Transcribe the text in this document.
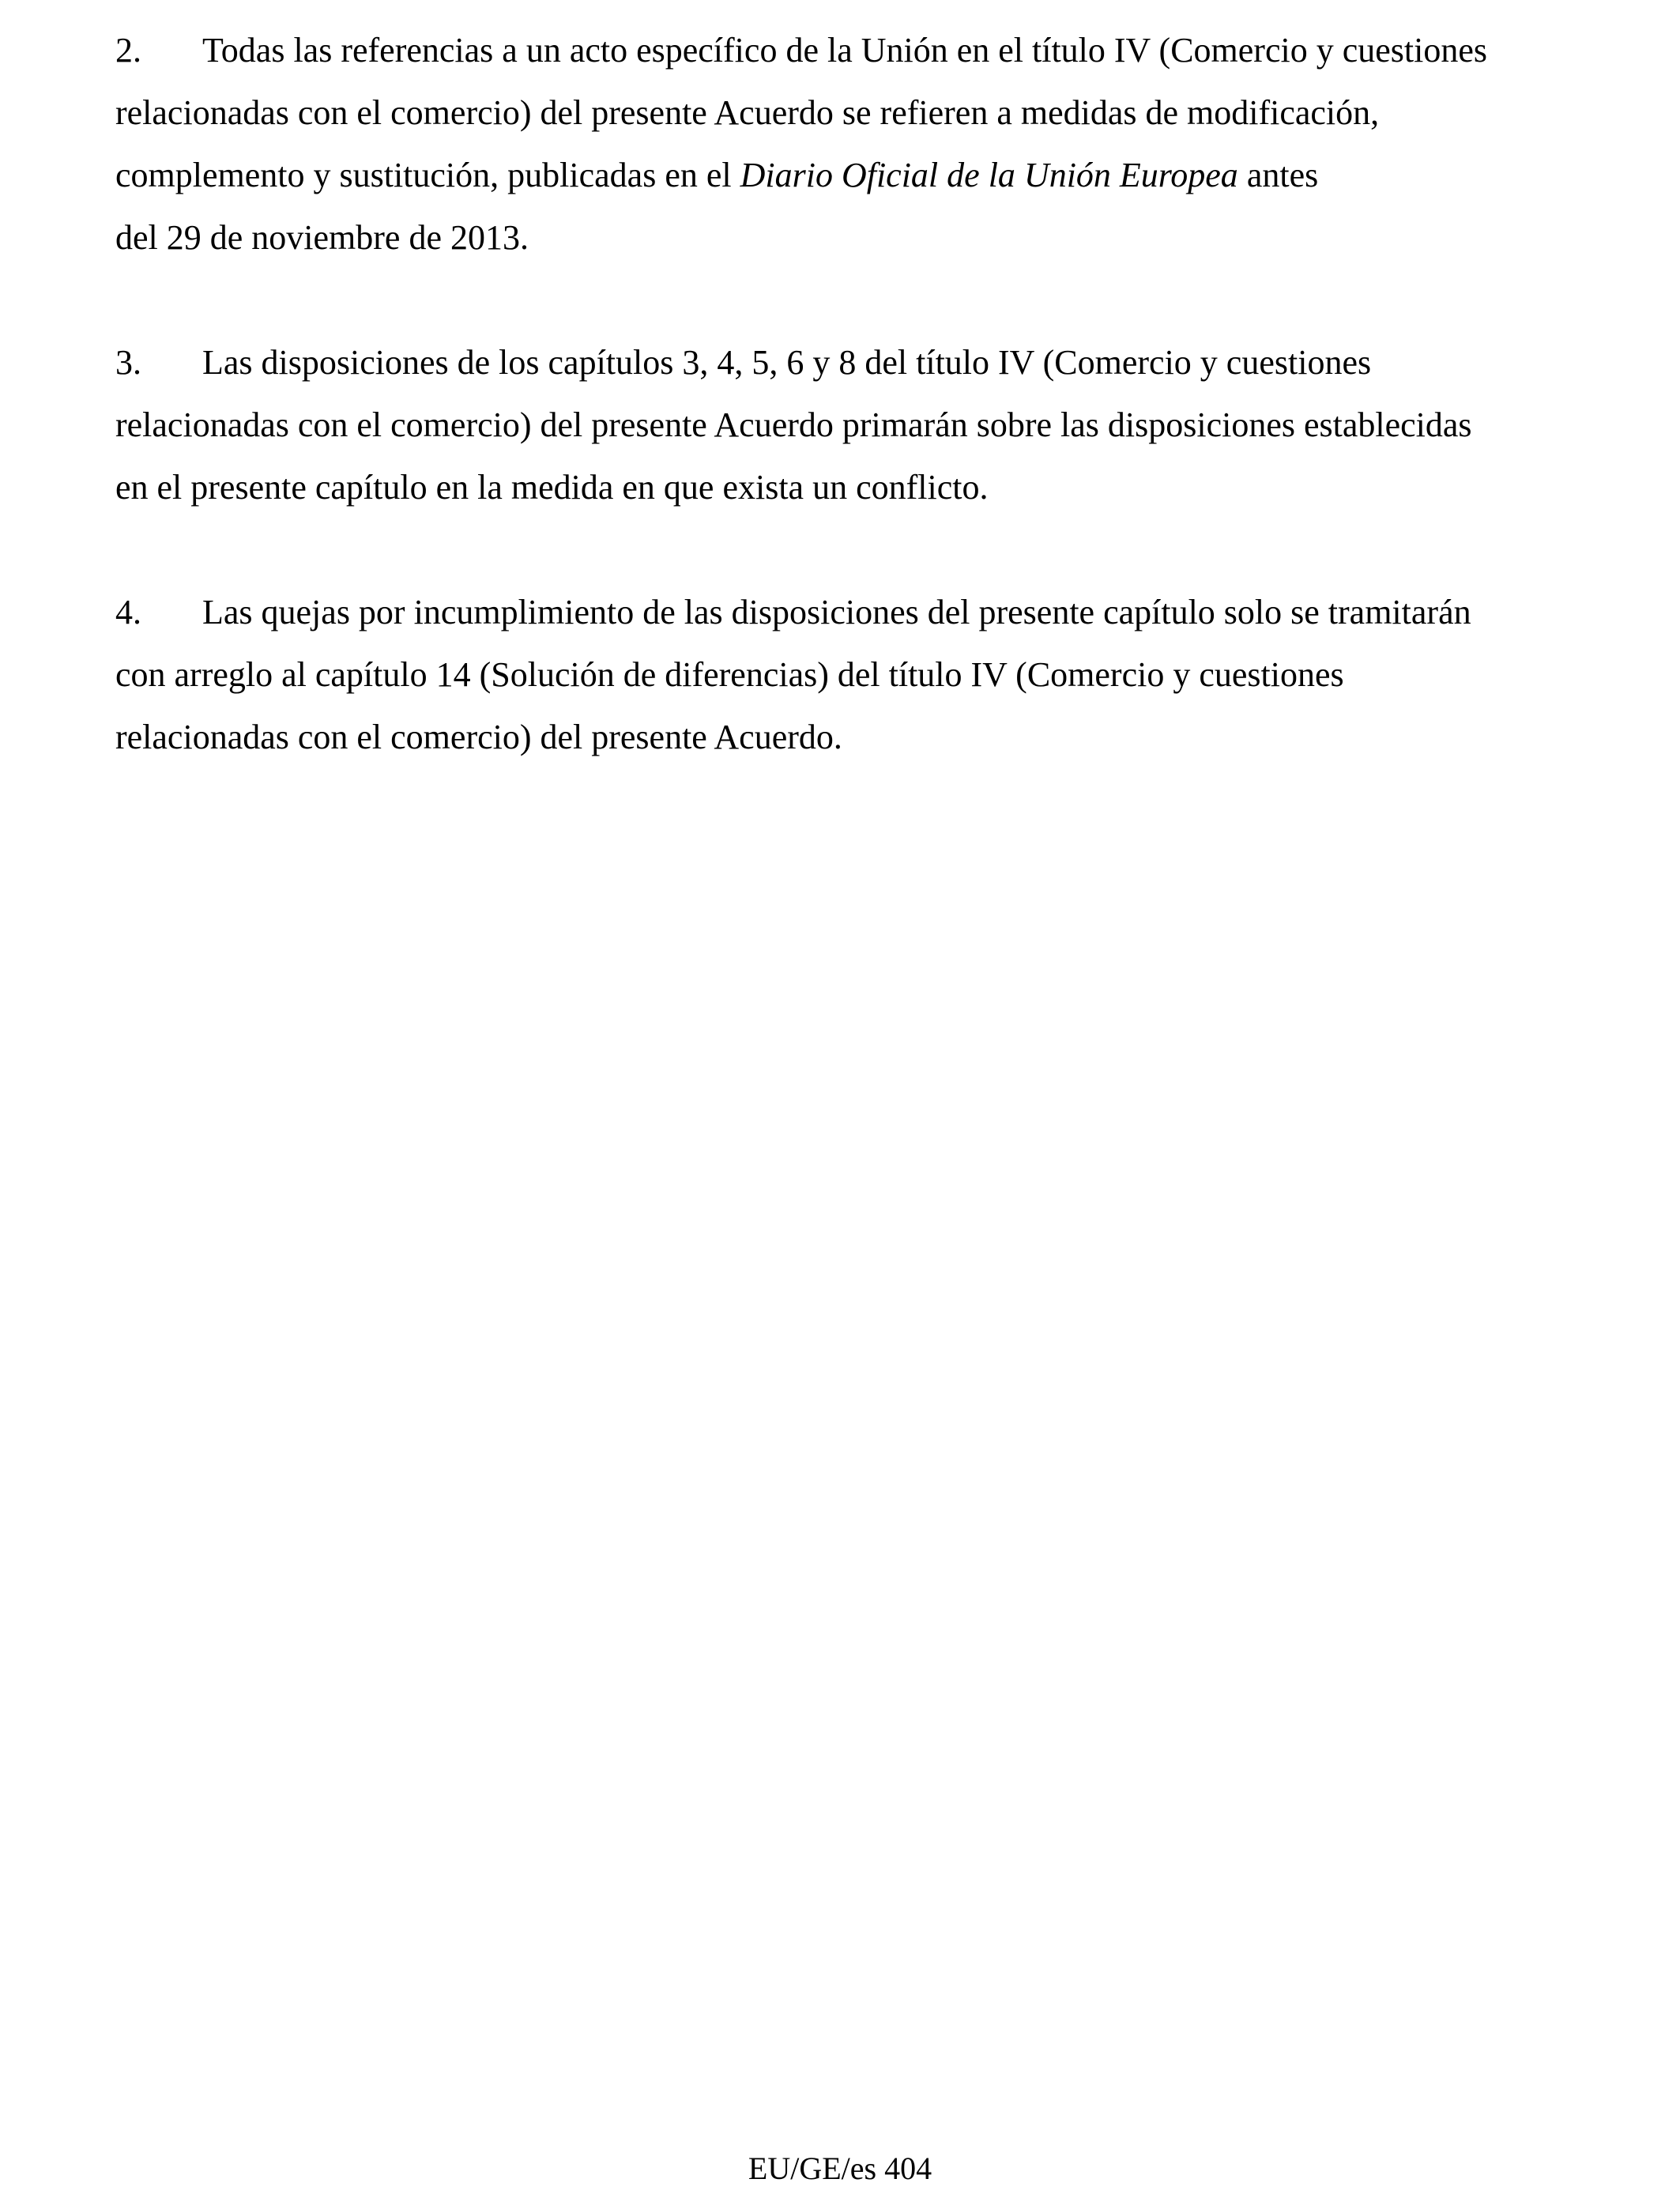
2. Todas las referencias a un acto específico de la Unión en el título IV (Comercio y cuestiones
relacionadas con el comercio) del presente Acuerdo se refieren a medidas de modificación,
complemento y sustitución, publicadas en el Diario Oficial de la Unión Europea antes
del 29 de noviembre de 2013.

3. Las disposiciones de los capítulos 3, 4, 5, 6 y 8 del título IV (Comercio y cuestiones
relacionadas con el comercio) del presente Acuerdo primarán sobre las disposiciones establecidas
en el presente capítulo en la medida en que exista un conflicto.

4. Las quejas por incumplimiento de las disposiciones del presente capítulo solo se tramitarán
con arreglo al capítulo 14 (Solución de diferencias) del título IV (Comercio y cuestiones
relacionadas con el comercio) del presente Acuerdo.

EU/GE/es 404
